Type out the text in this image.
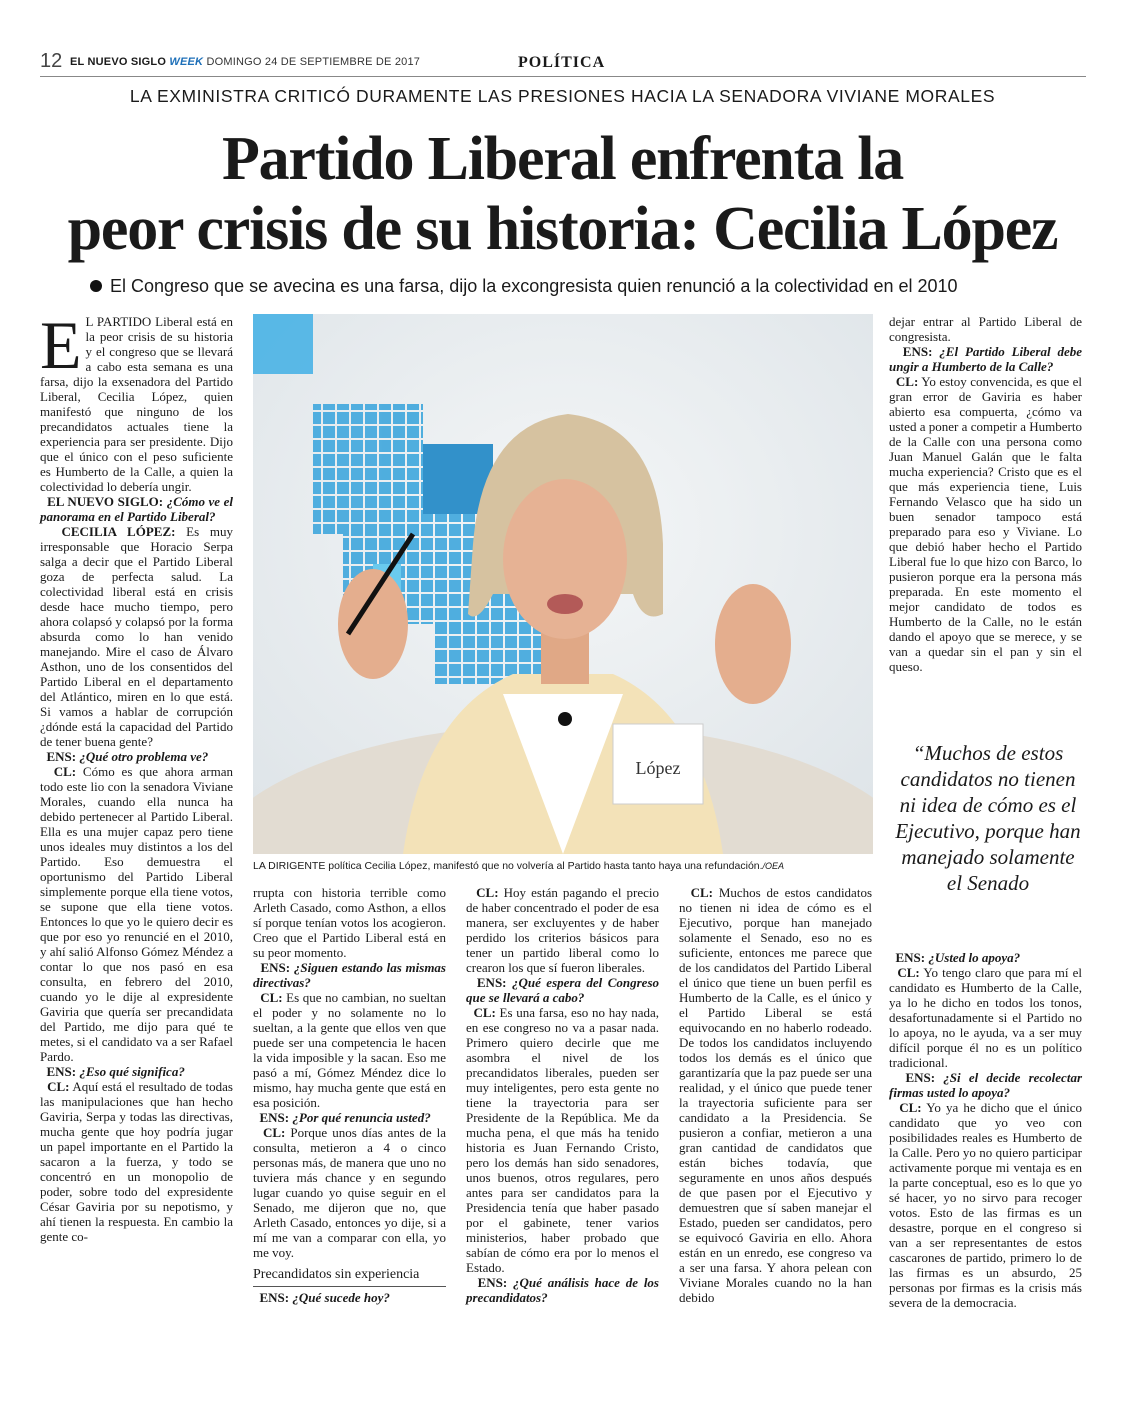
12 EL NUEVO SIGLO WEEK DOMINGO 24 DE SEPTIEMBRE DE 2017	POLÍTICA
LA EXMINISTRA CRITICÓ DURAMENTE LAS PRESIONES HACIA LA SENADORA VIVIANE MORALES
Partido Liberal enfrenta la
peor crisis de su historia: Cecilia López
El Congreso que se avecina es una farsa, dijo la excongresista quien renunció a la colectividad en el 2010

E L PARTIDO Liberal está en la peor crisis de su historia y el congreso que se llevará a cabo esta semana es una farsa, dijo la exsenadora del Partido Liberal, Cecilia López, quien manifestó que ninguno de los precandidatos actuales tiene la experiencia para ser presidente. Dijo que el único con el peso suficiente es Humberto de la Calle, a quien la colectividad lo debería ungir.

EL NUEVO SIGLO: ¿Cómo ve el panorama en el Partido Liberal?

CECILIA LÓPEZ: Es muy irresponsable que Horacio Serpa salga a decir que el Partido Liberal goza de perfecta salud. La colectividad liberal está en crisis desde hace mucho tiempo, pero ahora colapsó y colapsó por la forma absurda como lo han venido manejando. Mire el caso de Álvaro Asthon, uno de los consentidos del Partido Liberal en el departamento del Atlántico, miren en lo que está. Si vamos a hablar de corrupción ¿dónde está la capacidad del Partido de tener buena gente?

ENS: ¿Qué otro problema ve?

CL: Cómo es que ahora arman todo este lio con la senadora Viviane Morales, cuando ella nunca ha debido pertenecer al Partido Liberal. Ella es una mujer capaz pero tiene unos ideales muy distintos a los del Partido. Eso demuestra el oportunismo del Partido Liberal simplemente porque ella tiene votos, se supone que ella tiene votos. Entonces lo que yo le quiero decir es que por eso yo renuncié en el 2010, y ahí salió Alfonso Gómez Méndez a contar lo que nos pasó en esa consulta, en febrero del 2010, cuando yo le dije al expresidente Gaviria que quería ser precandidata del Partido, me dijo para qué te metes, si el candidato va a ser Rafael Pardo.

ENS: ¿Eso qué significa?

CL: Aquí está el resultado de todas las manipulaciones que han hecho Gaviria, Serpa y todas las directivas, mucha gente que hoy podría jugar un papel importante en el Partido la sacaron a la fuerza, y todo se concentró en un monopolio de poder, sobre todo del expresidente César Gaviria por su nepotismo, y ahí tienen la respuesta. En cambio la gente co-

López
LA DIRIGENTE política Cecilia López, manifestó que no volvería al Partido hasta tanto haya una refundación./OEA

rrupta con historia terrible como Arleth Casado, como Asthon, a ellos sí porque tenían votos los acogieron. Creo que el Partido Liberal está en su peor momento.

ENS: ¿Siguen estando las mismas directivas?

CL: Es que no cambian, no sueltan el poder y no solamente no lo sueltan, a la gente que ellos ven que puede ser una competencia le hacen la vida imposible y la sacan. Eso me pasó a mí, Gómez Méndez dice lo mismo, hay mucha gente que está en esa posición.

ENS: ¿Por qué renuncia usted?

CL: Porque unos días antes de la consulta, metieron a 4 o cinco personas más, de manera que uno no tuviera más chance y en segundo lugar cuando yo quise seguir en el Senado, me dijeron que no, que Arleth Casado, entonces yo dije, si a mí me van a comparar con ella, yo me voy.

Precandidatos sin experiencia

ENS: ¿Qué sucede hoy?

CL: Hoy están pagando el precio de haber concentrado el poder de esa manera, ser excluyentes y de haber perdido los criterios básicos para tener un partido liberal como lo crearon los que sí fueron liberales.

ENS: ¿Qué espera del Congreso que se llevará a cabo?

CL: Es una farsa, eso no hay nada, en ese congreso no va a pasar nada. Primero quiero decirle que me asombra el nivel de los precandidatos liberales, pueden ser muy inteligentes, pero esta gente no tiene la trayectoria para ser Presidente de la República. Me da mucha pena, el que más ha tenido historia es Juan Fernando Cristo, pero los demás han sido senadores, unos buenos, otros regulares, pero antes para ser candidatos para la Presidencia tenía que haber pasado por el gabinete, tener varios ministerios, haber probado que sabían de cómo era por lo menos el Estado.

ENS: ¿Qué análisis hace de los precandidatos?

CL: Muchos de estos candidatos no tienen ni idea de cómo es el Ejecutivo, porque han manejado solamente el Senado, eso no es suficiente, entonces me parece que de los candidatos del Partido Liberal el único que tiene un buen perfil es Humberto de la Calle, es el único y el Partido Liberal se está equivocando en no haberlo rodeado. De todos los candidatos incluyendo todos los demás es el único que garantizaría que la paz puede ser una realidad, y el único que puede tener la trayectoria suficiente para ser candidato a la Presidencia. Se pusieron a confiar, metieron a una gran cantidad de candidatos que están biches todavía, que seguramente en unos años después de que pasen por el Ejecutivo y demuestren que sí saben manejar el Estado, pueden ser candidatos, pero se equivocó Gaviria en ello. Ahora están en un enredo, ese congreso va a ser una farsa. Y ahora pelean con Viviane Morales cuando no la han debido

dejar entrar al Partido Liberal de congresista.

ENS: ¿El Partido Liberal debe ungir a Humberto de la Calle?

CL: Yo estoy convencida, es que el gran error de Gaviria es haber abierto esa compuerta, ¿cómo va usted a poner a competir a Humberto de la Calle con una persona como Juan Manuel Galán que le falta mucha experiencia? Cristo que es el que más experiencia tiene, Luis Fernando Velasco que ha sido un buen senador tampoco está preparado para eso y Viviane. Lo que debió haber hecho el Partido Liberal fue lo que hizo con Barco, lo pusieron porque era la persona más preparada. En este momento el mejor candidato de todos es Humberto de la Calle, no le están dando el apoyo que se merece, y se van a quedar sin el pan y sin el queso.

“Muchos de estos candidatos no tienen ni idea de cómo es el Ejecutivo, porque han manejado solamente el Senado

ENS: ¿Usted lo apoya?

CL: Yo tengo claro que para mí el candidato es Humberto de la Calle, ya lo he dicho en todos los tonos, desafortunadamente si el Partido no lo apoya, no le ayuda, va a ser muy difícil porque él no es un político tradicional.

ENS: ¿Si el decide recolectar firmas usted lo apoya?

CL: Yo ya he dicho que el único candidato que yo veo con posibilidades reales es Humberto de la Calle. Pero yo no quiero participar activamente porque mi ventaja es en la parte conceptual, eso es lo que yo sé hacer, yo no sirvo para recoger votos. Esto de las firmas es un desastre, porque en el congreso si van a ser representantes de estos cascarones de partido, primero lo de las firmas es un absurdo, 25 personas por firmas es la crisis más severa de la democracia.
